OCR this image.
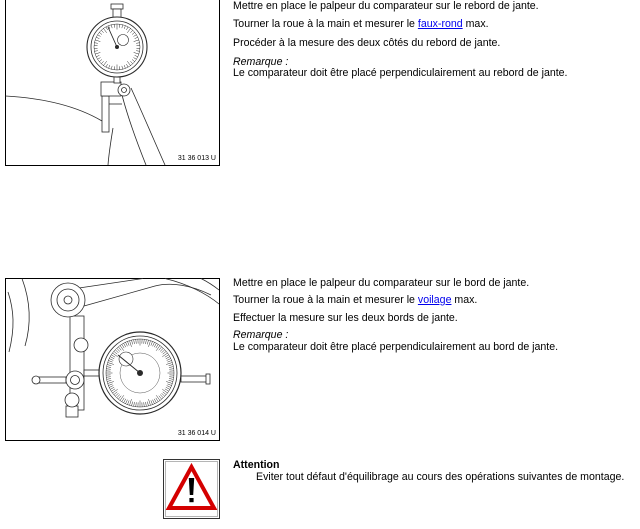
31 36 013 U
Mettre en place le palpeur du comparateur sur le rebord de jante.
Tourner la roue à la main et mesurer le faux-rond max.
Procéder à la mesure des deux côtés du rebord de jante.
Remarque :
Le comparateur doit être placé perpendiculairement au rebord de jante.
31 36 014 U
Mettre en place le palpeur du comparateur sur le bord de jante.
Tourner la roue à la main et mesurer le voilage max.
Effectuer la mesure sur les deux bords de jante.
Remarque :
Le comparateur doit être placé perpendiculairement au bord de jante.
Attention
Eviter tout défaut d'équilibrage au cours des opérations suivantes de montage.
